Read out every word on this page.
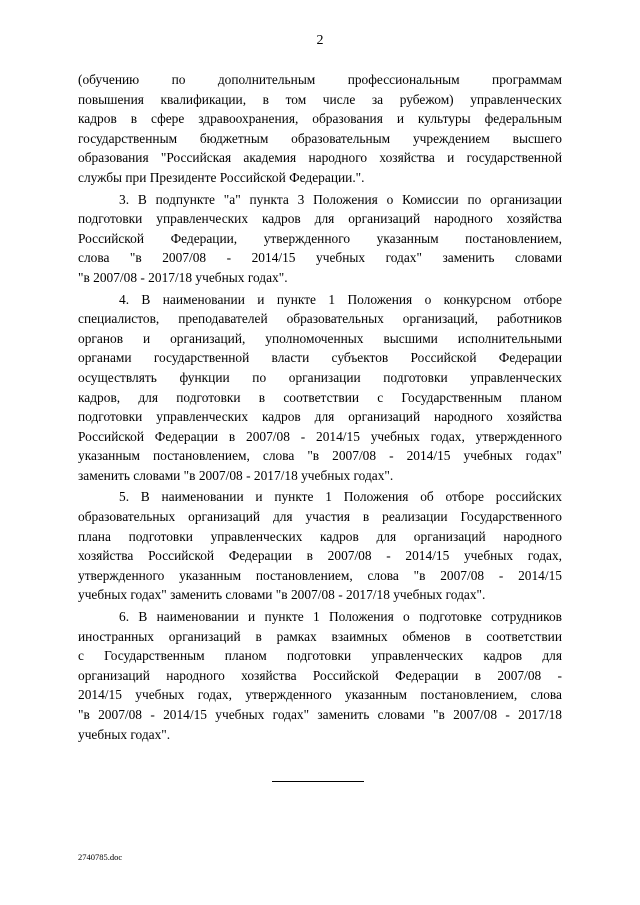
2
(обучению по дополнительным профессиональным программам
повышения квалификации, в том числе за рубежом) управленческих
кадров в сфере здравоохранения, образования и культуры федеральным
государственным бюджетным образовательным учреждением высшего
образования "Российская академия народного хозяйства и государственной
службы при Президенте Российской Федерации.".
3. В подпункте "а" пункта 3 Положения о Комиссии по организации
подготовки управленческих кадров для организаций народного хозяйства
Российской Федерации, утвержденного указанным постановлением,
слова "в 2007/08 - 2014/15 учебных годах" заменить словами
"в 2007/08 - 2017/18 учебных годах".
4. В наименовании и пункте 1 Положения о конкурсном отборе
специалистов, преподавателей образовательных организаций, работников
органов и организаций, уполномоченных высшими исполнительными
органами государственной власти субъектов Российской Федерации
осуществлять функции по организации подготовки управленческих
кадров, для подготовки в соответствии с Государственным планом
подготовки управленческих кадров для организаций народного хозяйства
Российской Федерации в 2007/08 - 2014/15 учебных годах, утвержденного
указанным постановлением, слова "в 2007/08 - 2014/15 учебных годах"
заменить словами "в 2007/08 - 2017/18 учебных годах".
5. В наименовании и пункте 1 Положения об отборе российских
образовательных организаций для участия в реализации Государственного
плана подготовки управленческих кадров для организаций народного
хозяйства Российской Федерации в 2007/08 - 2014/15 учебных годах,
утвержденного указанным постановлением, слова "в 2007/08 - 2014/15
учебных годах" заменить словами "в 2007/08 - 2017/18 учебных годах".
6. В наименовании и пункте 1 Положения о подготовке сотрудников
иностранных организаций в рамках взаимных обменов в соответствии
с Государственным планом подготовки управленческих кадров для
организаций народного хозяйства Российской Федерации в 2007/08 -
2014/15 учебных годах, утвержденного указанным постановлением, слова
"в 2007/08 - 2014/15 учебных годах" заменить словами "в 2007/08 - 2017/18
учебных годах".
2740785.doc
